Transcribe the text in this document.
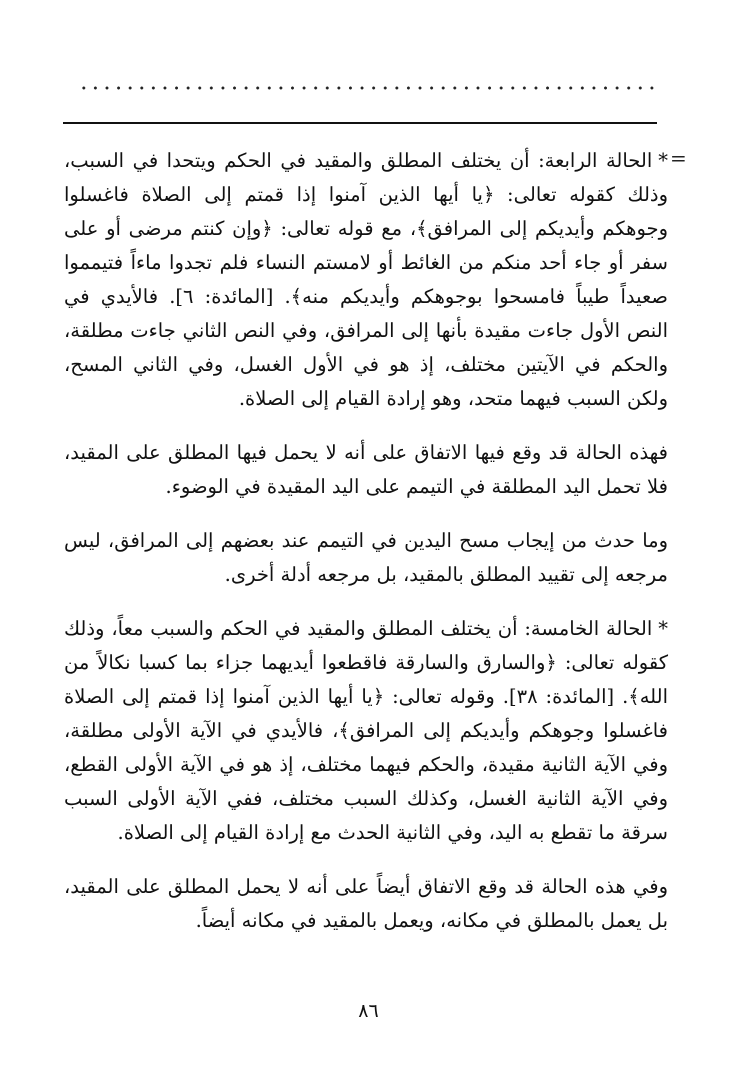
=

*الحالة الرابعة: أن يختلف المطلق والمقيد في الحكم ويتحدا في السبب، وذلك كقوله تعالى: ﴿يا أيها الذين آمنوا إذا قمتم إلى الصلاة فاغسلوا وجوهكم وأيديكم إلى المرافق﴾، مع قوله تعالى: ﴿وإن كنتم مرضى أو على سفر أو جاء أحد منكم من الغائط أو لامستم النساء فلم تجدوا ماءاً فتيمموا صعيداً طيباً فامسحوا بوجوهكم وأيديكم منه﴾. [المائدة: ٦]. فالأيدي في النص الأول جاءت مقيدة بأنها إلى المرافق، وفي النص الثاني جاءت مطلقة، والحكم في الآيتين مختلف، إذ هو في الأول الغسل، وفي الثاني المسح، ولكن السبب فيهما متحد، وهو إرادة القيام إلى الصلاة.

فهذه الحالة قد وقع فيها الاتفاق على أنه لا يحمل فيها المطلق على المقيد، فلا تحمل اليد المطلقة في التيمم على اليد المقيدة في الوضوء.

وما حدث من إيجاب مسح اليدين في التيمم عند بعضهم إلى المرافق، ليس مرجعه إلى تقييد المطلق بالمقيد، بل مرجعه أدلة أخرى.

*الحالة الخامسة: أن يختلف المطلق والمقيد في الحكم والسبب معاً، وذلك كقوله تعالى: ﴿والسارق والسارقة فاقطعوا أيديهما جزاء بما كسبا نكالاً من الله﴾. [المائدة: ٣٨]. وقوله تعالى: ﴿يا أيها الذين آمنوا إذا قمتم إلى الصلاة فاغسلوا وجوهكم وأيديكم إلى المرافق﴾، فالأيدي في الآية الأولى مطلقة، وفي الآية الثانية مقيدة، والحكم فيهما مختلف، إذ هو في الآية الأولى القطع، وفي الآية الثانية الغسل، وكذلك السبب مختلف، ففي الآية الأولى السبب سرقة ما تقطع به اليد، وفي الثانية الحدث مع إرادة القيام إلى الصلاة.

وفي هذه الحالة قد وقع الاتفاق أيضاً على أنه لا يحمل المطلق على المقيد، بل يعمل بالمطلق في مكانه، ويعمل بالمقيد في مكانه أيضاً.

٨٦
